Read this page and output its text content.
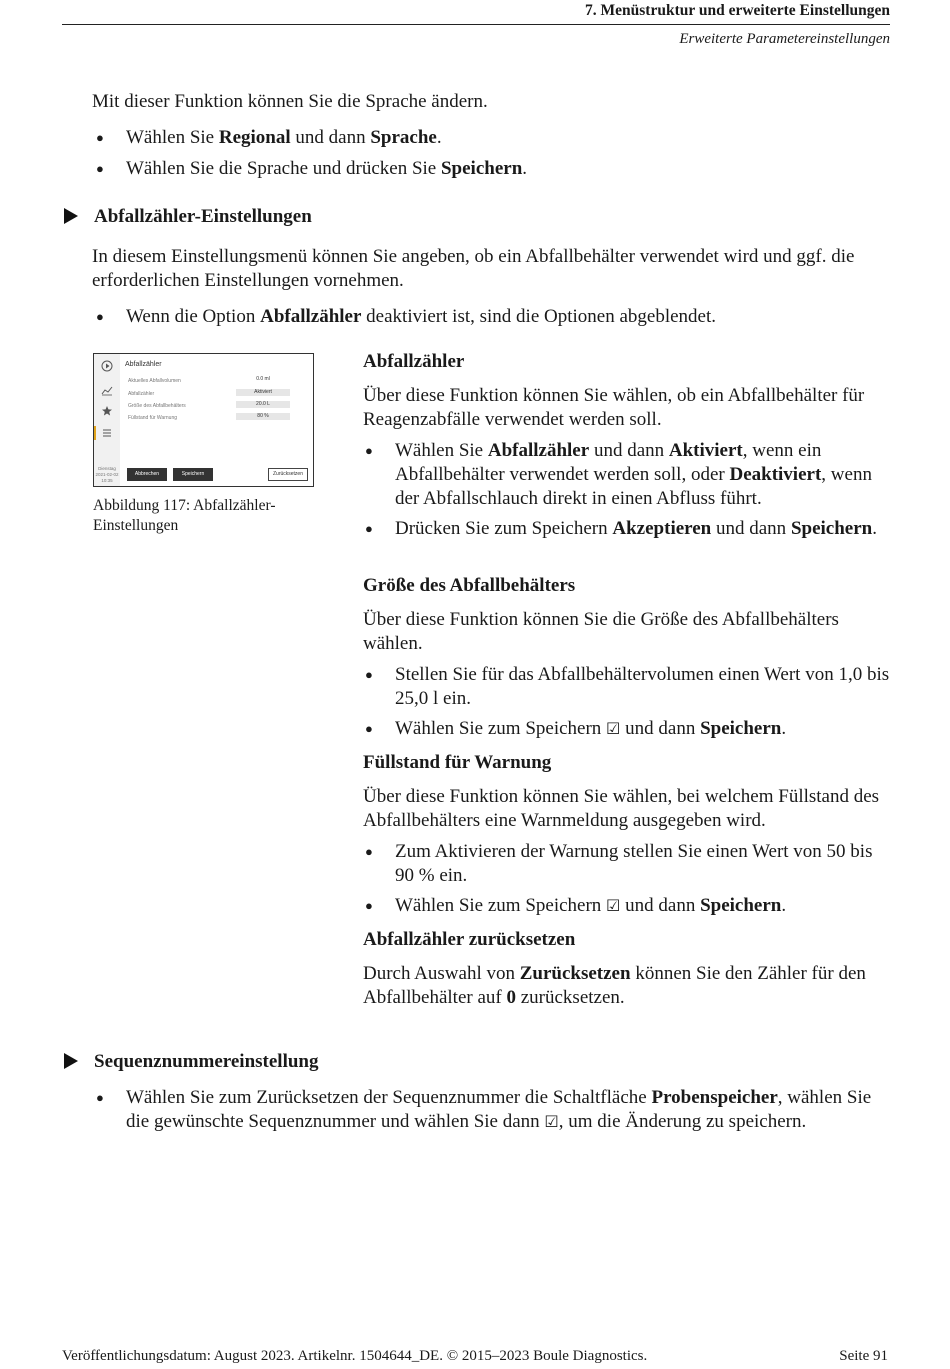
7. Menüstruktur und erweiterte Einstellungen
Erweiterte Parametereinstellungen
Mit dieser Funktion können Sie die Sprache ändern.
● Wählen Sie Regional und dann Sprache.
● Wählen Sie die Sprache und drücken Sie Speichern.
Abfallzähler-Einstellungen
In diesem Einstellungsmenü können Sie angeben, ob ein Abfallbehälter verwendet wird und ggf. die erforderlichen Einstellungen vornehmen.
● Wenn die Option Abfallzähler deaktiviert ist, sind die Optionen abgeblendet.
Dienstag
2021-02-02
10:35
Abfallzähler
Aktuelles Abfallvolumen	0.0 ml
Abfallzähler	Aktiviert
Größe des Abfallbehälters	20.0 L
Füllstand für Warnung	80 %
Abbrechen	Speichern	Zurücksetzen
Abbildung 117: Abfallzähler-Einstellungen
Abfallzähler
Über diese Funktion können Sie wählen, ob ein Abfallbehälter für Reagenzabfälle verwendet werden soll.
● Wählen Sie Abfallzähler und dann Aktiviert, wenn ein Abfallbehälter verwendet werden soll, oder Deaktiviert, wenn der Abfallschlauch direkt in einen Abfluss führt.
● Drücken Sie zum Speichern Akzeptieren und dann Speichern.
Größe des Abfallbehälters
Über diese Funktion können Sie die Größe des Abfallbehälters wählen.
● Stellen Sie für das Abfallbehältervolumen einen Wert von 1,0 bis 25,0 l ein.
● Wählen Sie zum Speichern ☑ und dann Speichern.
Füllstand für Warnung
Über diese Funktion können Sie wählen, bei welchem Füllstand des Abfallbehälters eine Warnmeldung ausgegeben wird.
● Zum Aktivieren der Warnung stellen Sie einen Wert von 50 bis 90 % ein.
● Wählen Sie zum Speichern ☑ und dann Speichern.
Abfallzähler zurücksetzen
Durch Auswahl von Zurücksetzen können Sie den Zähler für den Abfallbehälter auf 0 zurücksetzen.
Sequenznummereinstellung
● Wählen Sie zum Zurücksetzen der Sequenznummer die Schaltfläche Probenspeicher, wählen Sie die gewünschte Sequenznummer und wählen Sie dann ☑, um die Änderung zu speichern.
Veröffentlichungsdatum: August 2023. Artikelnr. 1504644_DE. © 2015–2023 Boule Diagnostics.	Seite 91
